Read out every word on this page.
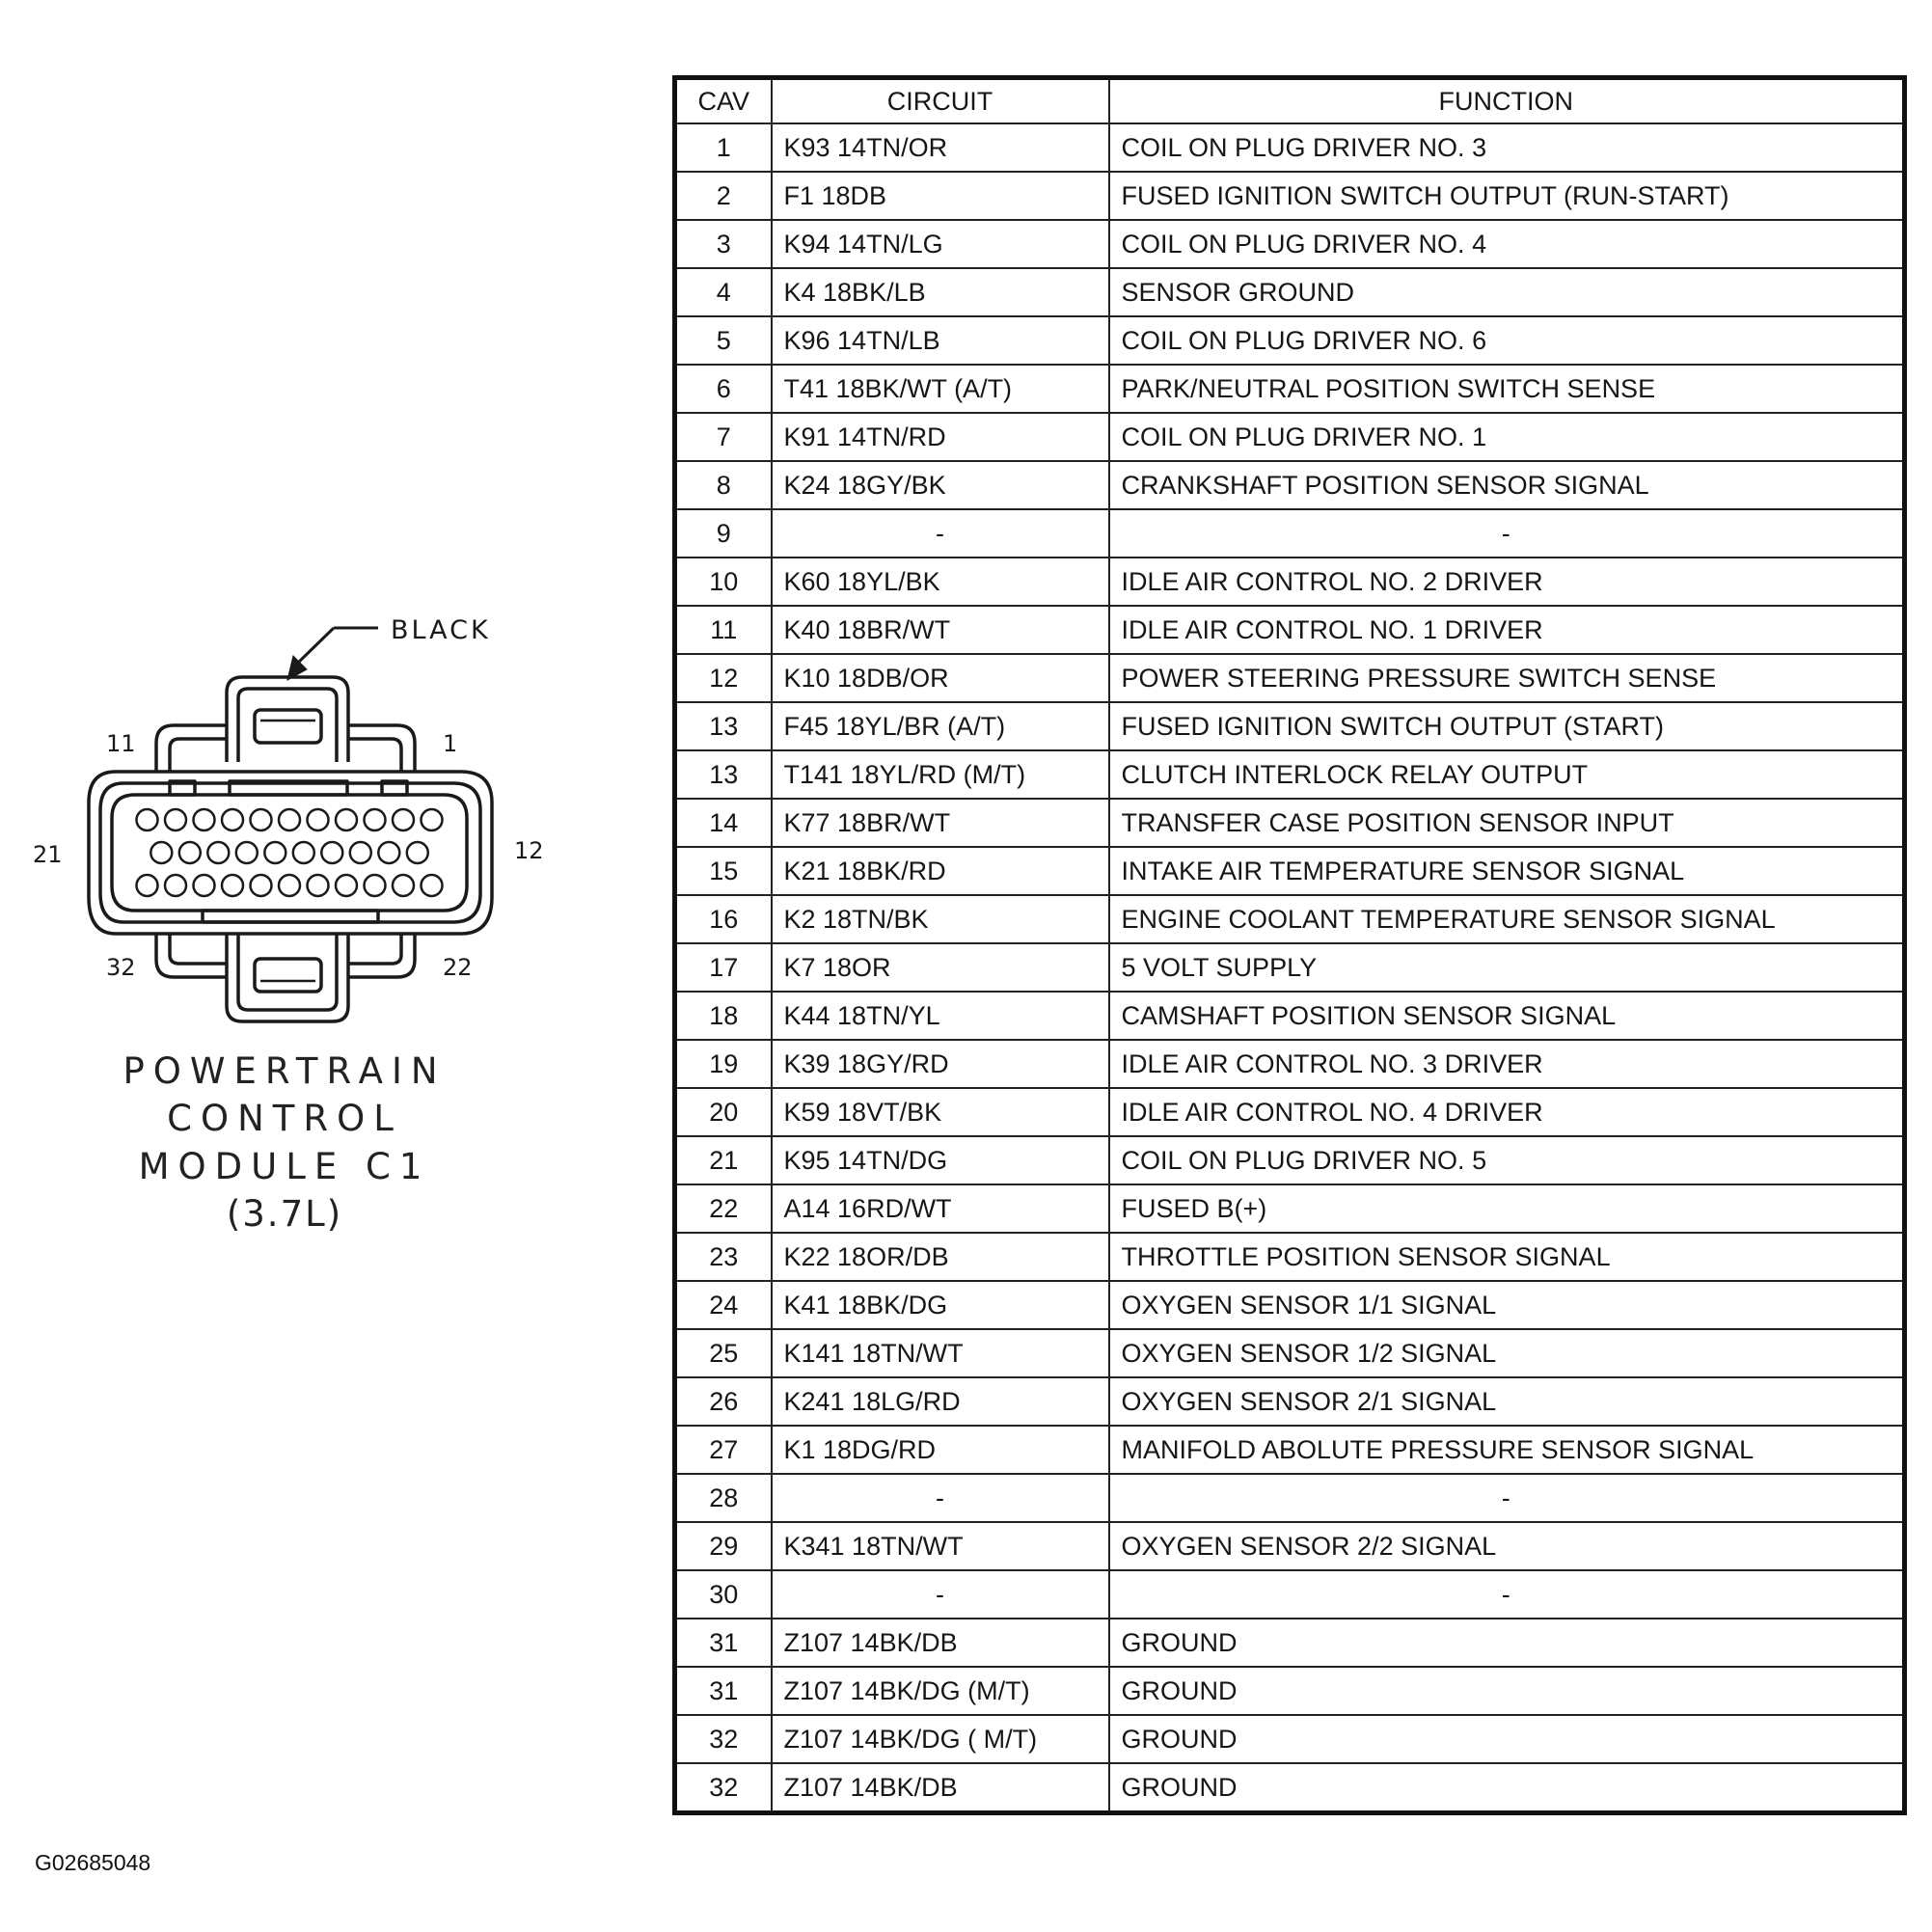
BLACK
11	1
21	12
32	22
POWERTRAIN
CONTROL
MODULE C1
(3.7L)
CAV	CIRCUIT	FUNCTION
1	K93 14TN/OR	COIL ON PLUG DRIVER NO. 3
2	F1 18DB	FUSED IGNITION SWITCH OUTPUT (RUN-START)
3	K94 14TN/LG	COIL ON PLUG DRIVER NO. 4
4	K4 18BK/LB	SENSOR GROUND
5	K96 14TN/LB	COIL ON PLUG DRIVER NO. 6
6	T41 18BK/WT (A/T)	PARK/NEUTRAL POSITION SWITCH SENSE
7	K91 14TN/RD	COIL ON PLUG DRIVER NO. 1
8	K24 18GY/BK	CRANKSHAFT POSITION SENSOR SIGNAL
9	-	-
10	K60 18YL/BK	IDLE AIR CONTROL NO. 2 DRIVER
11	K40 18BR/WT	IDLE AIR CONTROL NO. 1 DRIVER
12	K10 18DB/OR	POWER STEERING PRESSURE SWITCH SENSE
13	F45 18YL/BR (A/T)	FUSED IGNITION SWITCH OUTPUT (START)
13	T141 18YL/RD (M/T)	CLUTCH INTERLOCK RELAY OUTPUT
14	K77 18BR/WT	TRANSFER CASE POSITION SENSOR INPUT
15	K21 18BK/RD	INTAKE AIR TEMPERATURE SENSOR SIGNAL
16	K2 18TN/BK	ENGINE COOLANT TEMPERATURE SENSOR SIGNAL
17	K7 18OR	5 VOLT SUPPLY
18	K44 18TN/YL	CAMSHAFT POSITION SENSOR SIGNAL
19	K39 18GY/RD	IDLE AIR CONTROL NO. 3 DRIVER
20	K59 18VT/BK	IDLE AIR CONTROL NO. 4 DRIVER
21	K95 14TN/DG	COIL ON PLUG DRIVER NO. 5
22	A14 16RD/WT	FUSED B(+)
23	K22 18OR/DB	THROTTLE POSITION SENSOR SIGNAL
24	K41 18BK/DG	OXYGEN SENSOR 1/1 SIGNAL
25	K141 18TN/WT	OXYGEN SENSOR 1/2 SIGNAL
26	K241 18LG/RD	OXYGEN SENSOR 2/1 SIGNAL
27	K1 18DG/RD	MANIFOLD ABOLUTE PRESSURE SENSOR SIGNAL
28	-	-
29	K341 18TN/WT	OXYGEN SENSOR 2/2 SIGNAL
30	-	-
31	Z107 14BK/DB	GROUND
31	Z107 14BK/DG (M/T)	GROUND
32	Z107 14BK/DG ( M/T)	GROUND
32	Z107 14BK/DB	GROUND
G02685048
